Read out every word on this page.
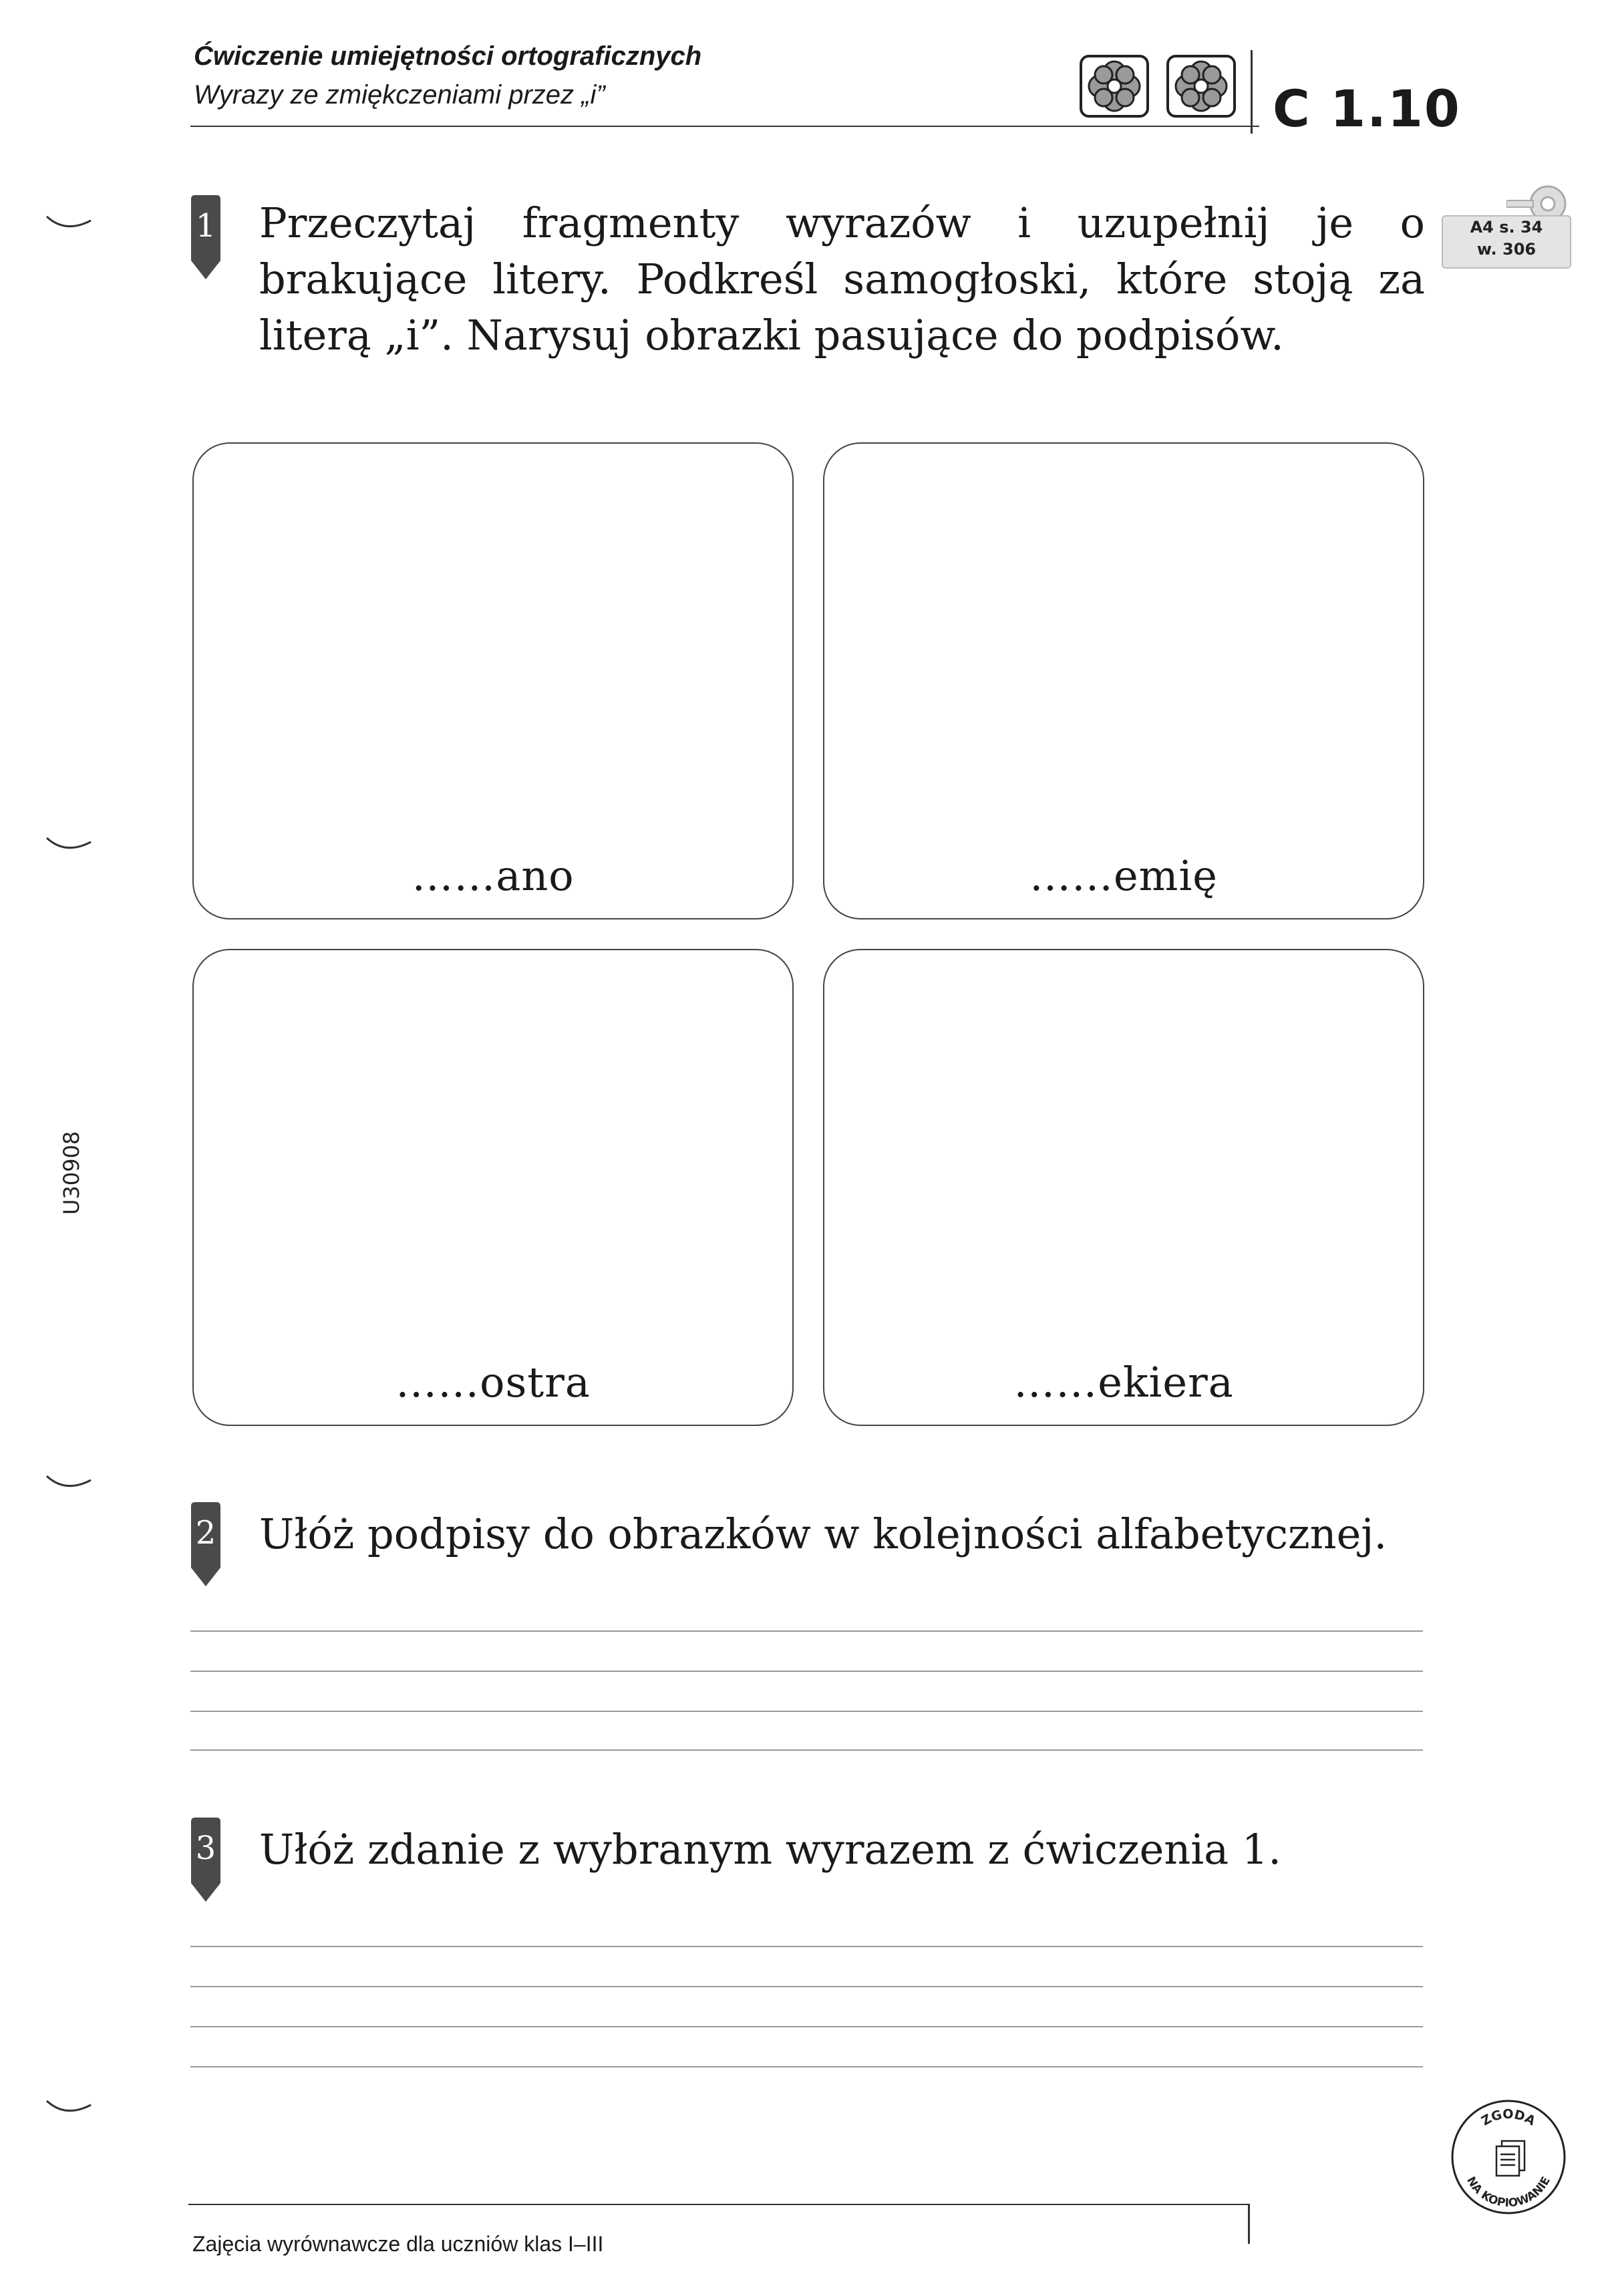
Ćwiczenie umiejętności ortograficznych
Wyrazy ze zmiękczeniami przez „i”	C 1.10
A4 s. 34
w. 306
U30908
1 Przeczytaj fragmenty wyrazów i uzupełnij je o brakujące litery. Podkreśl samogłoski, które stoją za literą „i”. Narysuj obrazki pasujące do podpisów.
……ano	……emię
……ostra	……ekiera
2 Ułóż podpisy do obrazków w kolejności alfabetycznej.
3 Ułóż zdanie z wybranym wyrazem z ćwiczenia 1.
Zajęcia wyrównawcze dla uczniów klas I–III
ZGODA
NA KOPIOWANIE
